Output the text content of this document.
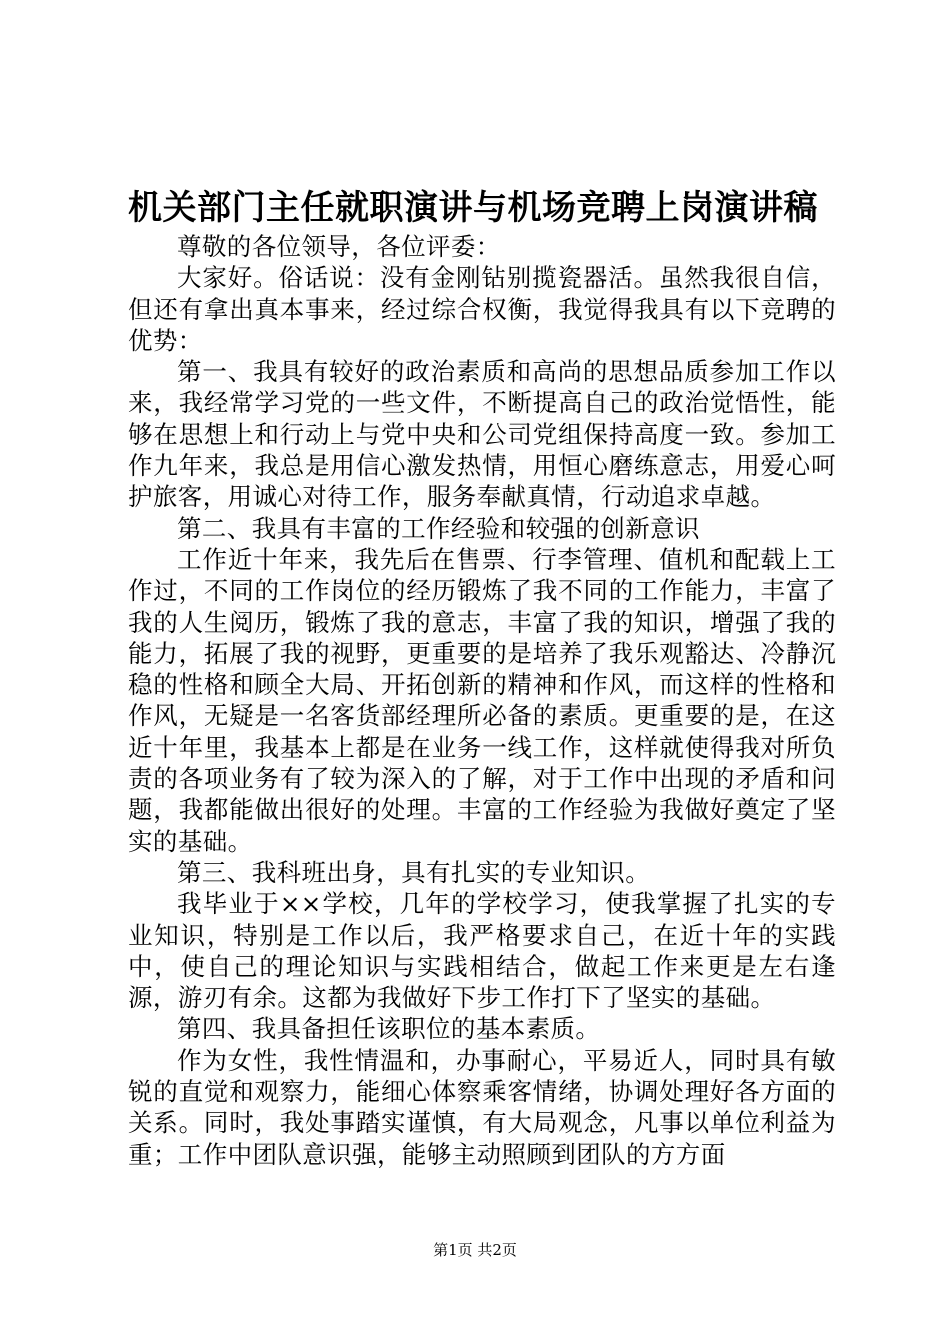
机关部门主任就职演讲与机场竞聘上岗演讲稿

尊敬的各位领导，各位评委：

大家好。俗话说：没有金刚钻别揽瓷器活。虽然我很自信，但还有拿出真本事来，经过综合权衡，我觉得我具有以下竞聘的优势：

第一、我具有较好的政治素质和高尚的思想品质参加工作以来，我经常学习党的一些文件，不断提高自己的政治觉悟性，能够在思想上和行动上与党中央和公司党组保持高度一致。参加工作九年来，我总是用信心激发热情，用恒心磨练意志，用爱心呵护旅客，用诚心对待工作，服务奉献真情，行动追求卓越。

第二、我具有丰富的工作经验和较强的创新意识

工作近十年来，我先后在售票、行李管理、值机和配载上工作过，不同的工作岗位的经历锻炼了我不同的工作能力，丰富了我的人生阅历，锻炼了我的意志，丰富了我的知识，增强了我的能力，拓展了我的视野，更重要的是培养了我乐观豁达、冷静沉稳的性格和顾全大局、开拓创新的精神和作风，而这样的性格和作风，无疑是一名客货部经理所必备的素质。更重要的是，在这近十年里，我基本上都是在业务一线工作，这样就使得我对所负责的各项业务有了较为深入的了解，对于工作中出现的矛盾和问题，我都能做出很好的处理。丰富的工作经验为我做好奠定了坚实的基础。

第三、我科班出身，具有扎实的专业知识。

我毕业于××学校，几年的学校学习，使我掌握了扎实的专业知识，特别是工作以后，我严格要求自己，在近十年的实践中，使自己的理论知识与实践相结合，做起工作来更是左右逢源，游刃有余。这都为我做好下步工作打下了坚实的基础。

第四、我具备担任该职位的基本素质。

作为女性，我性情温和，办事耐心，平易近人，同时具有敏锐的直觉和观察力，能细心体察乘客情绪，协调处理好各方面的关系。同时，我处事踏实谨慎，有大局观念，凡事以单位利益为重；工作中团队意识强，能够主动照顾到团队的方方面

第1页 共2页
